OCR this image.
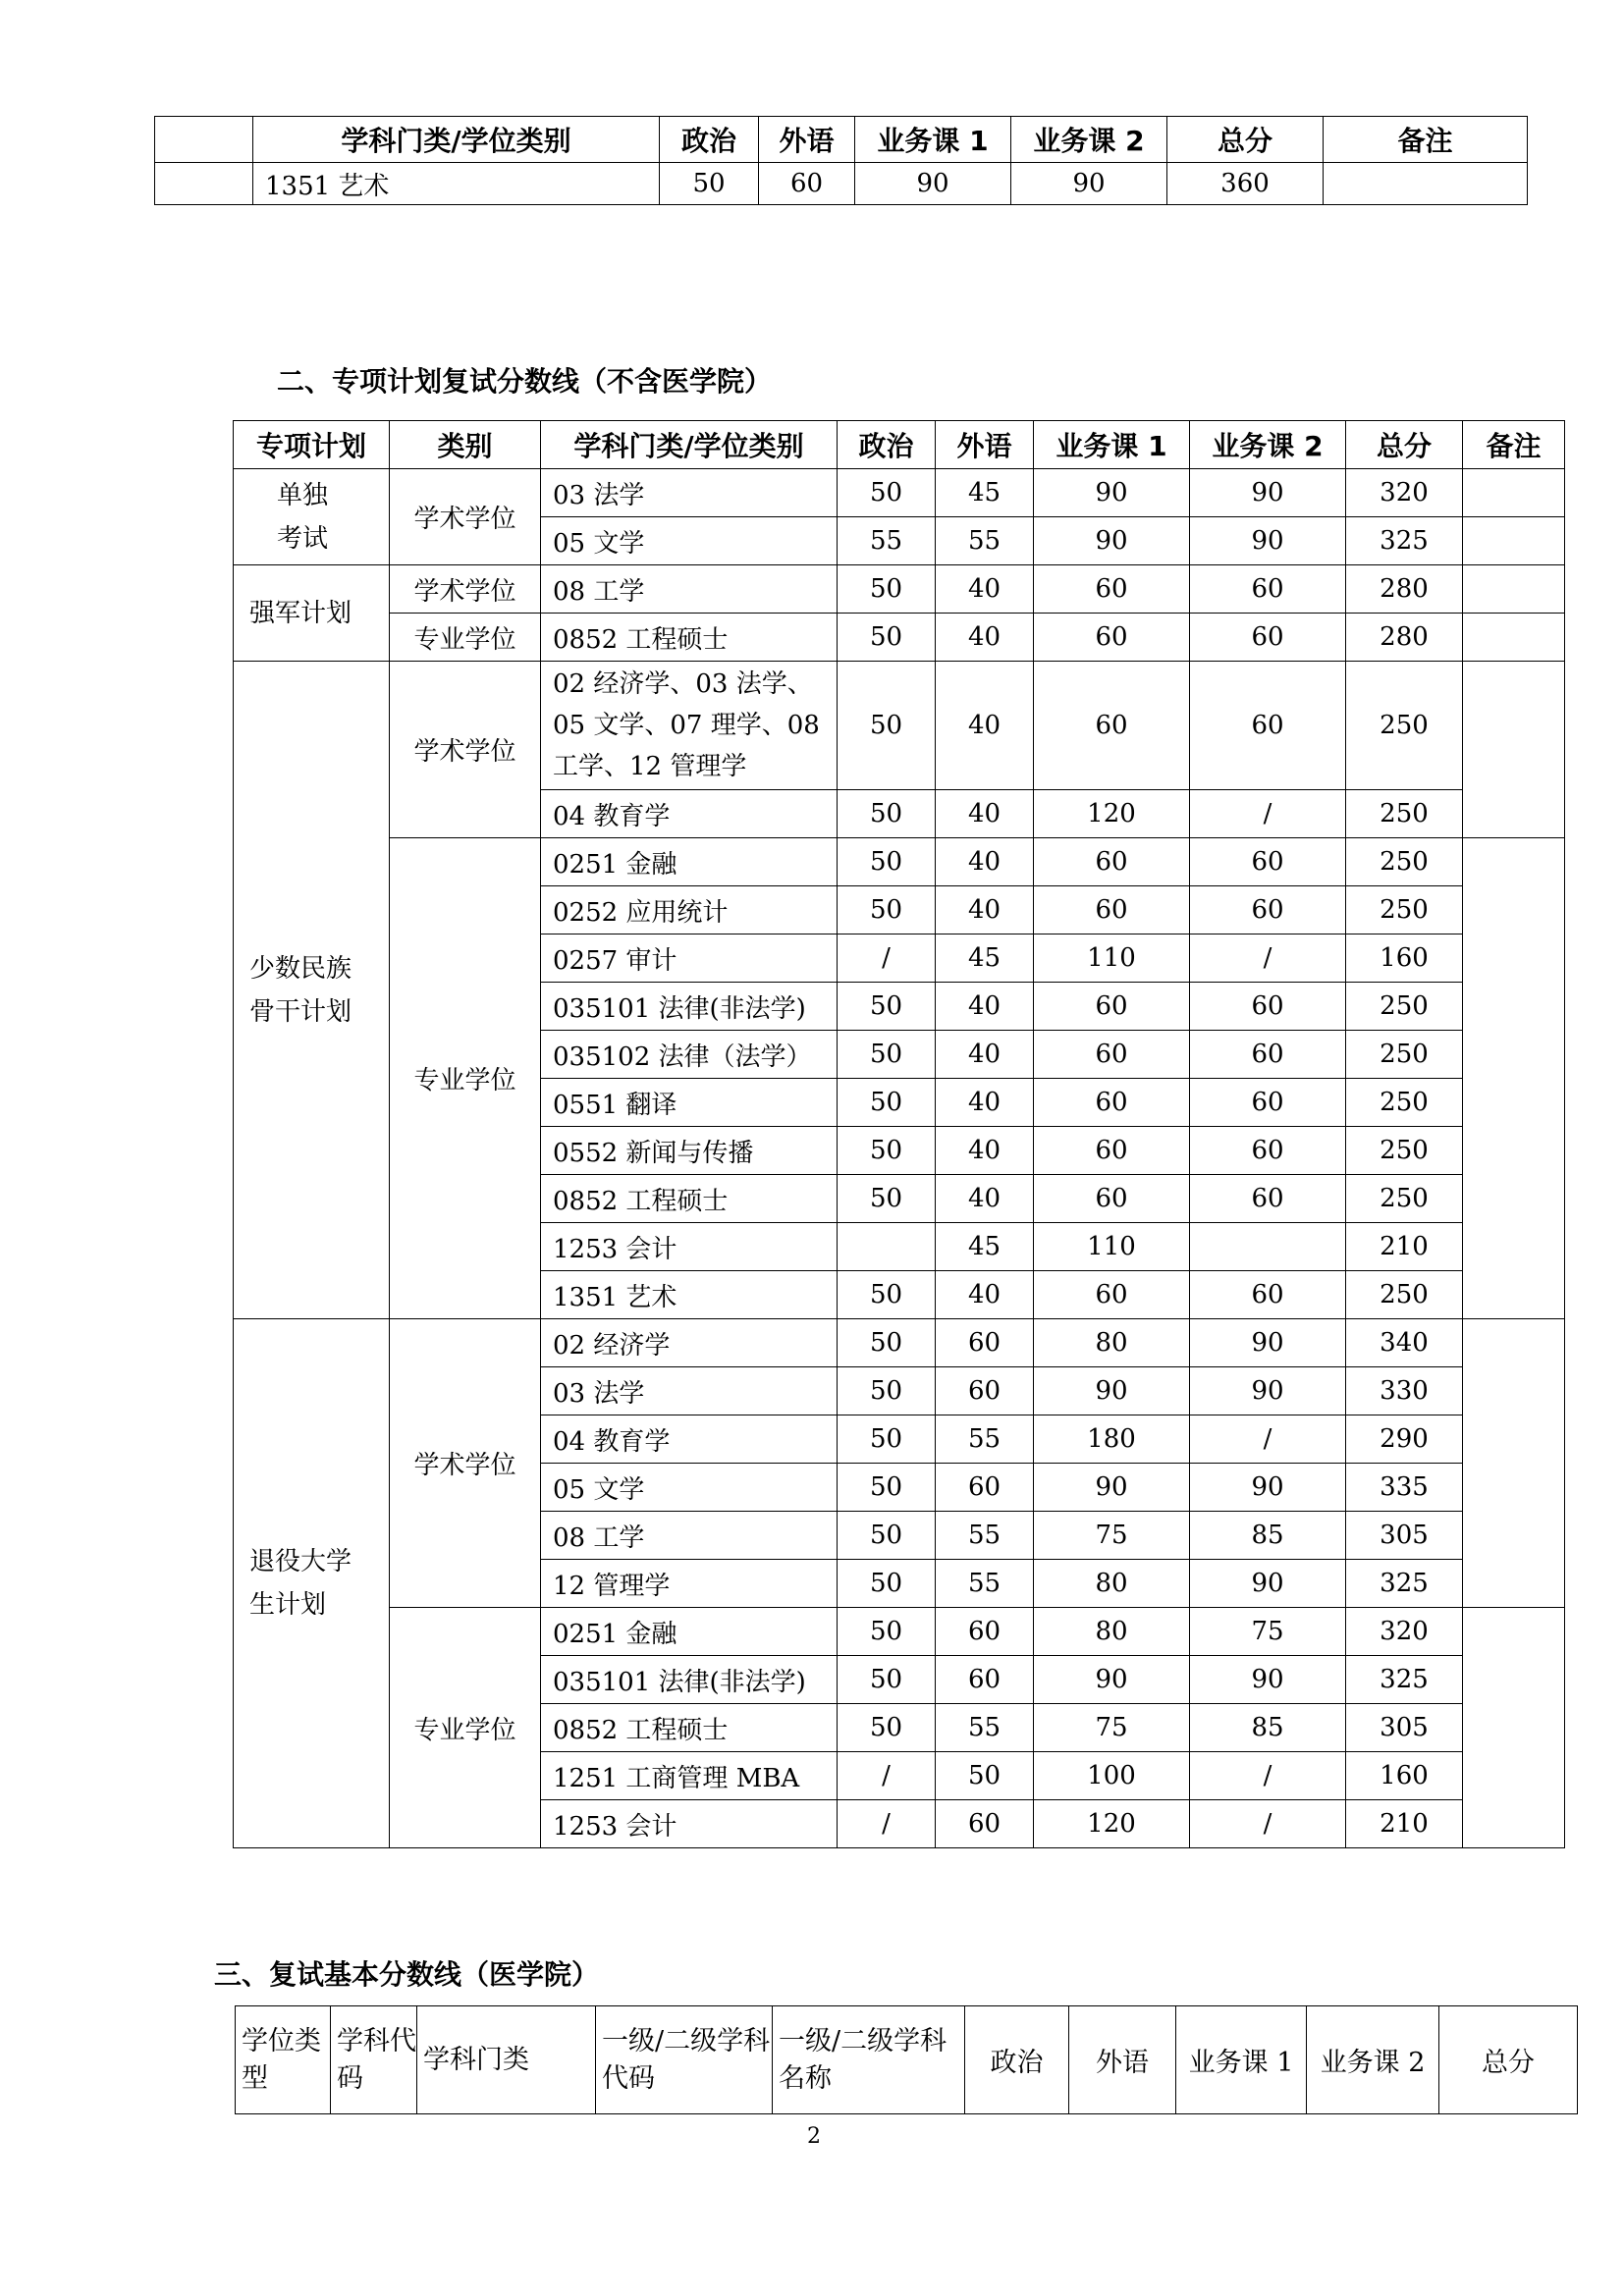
	学科门类/学位类别	政治	外语	业务课 1	业务课 2	总分	备注
	1351 艺术	50	60	90	90	360	
二、专项计划复试分数线（不含医学院）
专项计划	类别	学科门类/学位类别	政治	外语	业务课 1	业务课 2	总分	备注
单独考试	学术学位	03 法学	50	45	90	90	320	
		05 文学	55	55	90	90	325	
强军计划	学术学位	08 工学	50	40	60	60	280	
	专业学位	0852 工程硕士	50	40	60	60	280	
少数民族骨干计划	学术学位	02 经济学、03 法学、05 文学、07 理学、08 工学、12 管理学	50	40	60	60	250	
		04 教育学	50	40	120	/	250	
	专业学位	0251 金融	50	40	60	60	250	
		0252 应用统计	50	40	60	60	250	
		0257 审计	/	45	110	/	160	
		035101 法律(非法学)	50	40	60	60	250	
		035102 法律（法学）	50	40	60	60	250	
		0551 翻译	50	40	60	60	250	
		0552 新闻与传播	50	40	60	60	250	
		0852 工程硕士	50	40	60	60	250	
		1253 会计		45	110		210	
		1351 艺术	50	40	60	60	250	
退役大学生计划	学术学位	02 经济学	50	60	80	90	340	
		03 法学	50	60	90	90	330	
		04 教育学	50	55	180	/	290	
		05 文学	50	60	90	90	335	
		08 工学	50	55	75	85	305	
		12 管理学	50	55	80	90	325	
	专业学位	0251 金融	50	60	80	75	320	
		035101 法律(非法学)	50	60	90	90	325	
		0852 工程硕士	50	55	75	85	305	
		1251 工商管理 MBA	/	50	100	/	160	
		1253 会计	/	60	120	/	210	
三、复试基本分数线（医学院）
学位类型	学科代码	学科门类	一级/二级学科代码	一级/二级学科名称	政治	外语	业务课 1	业务课 2	总分
2
